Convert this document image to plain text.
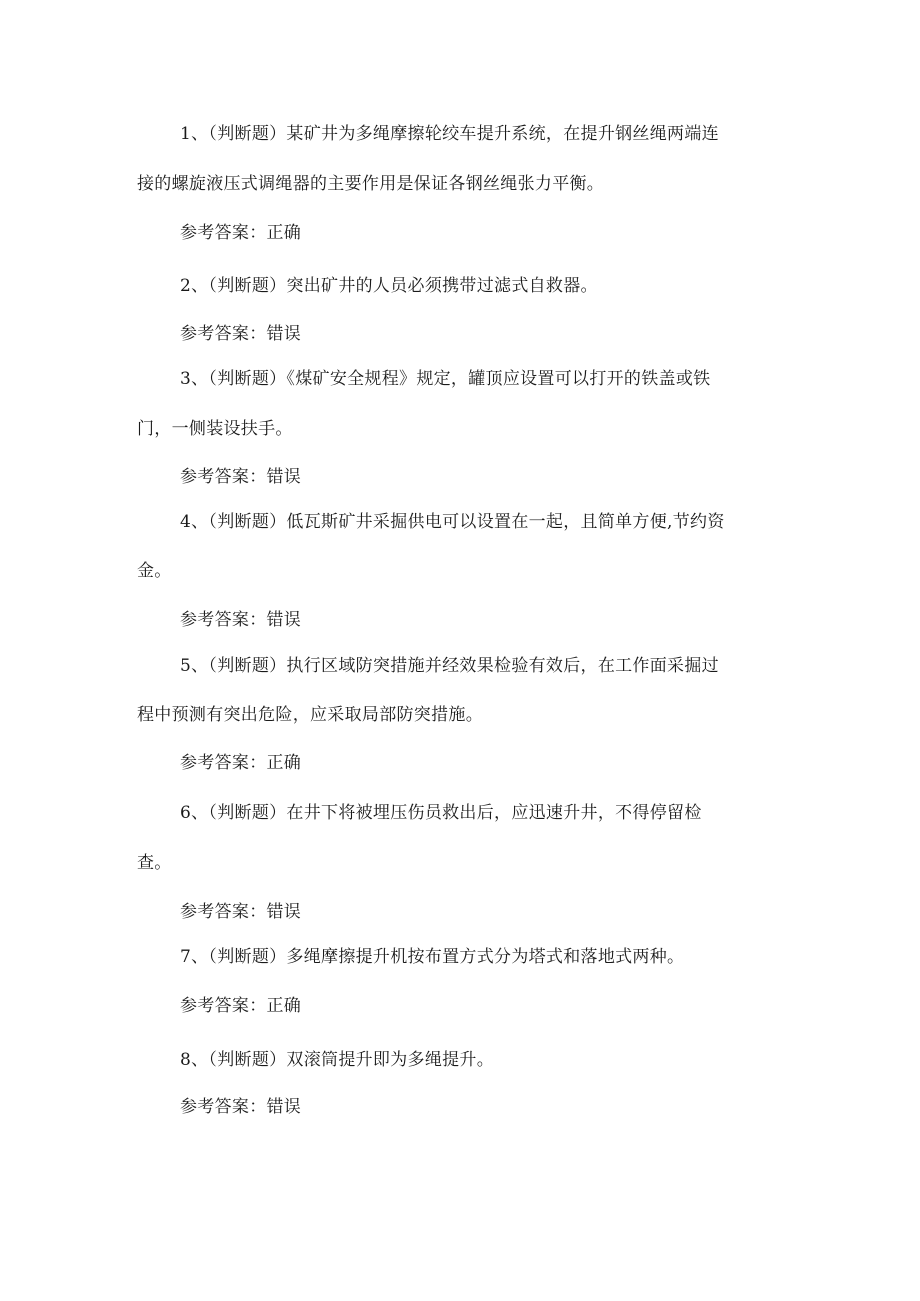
1、（判断题）某矿井为多绳摩擦轮绞车提升系统，在提升钢丝绳两端连
接的螺旋液压式调绳器的主要作用是保证各钢丝绳张力平衡。
参考答案：正确
2、（判断题）突出矿井的人员必须携带过滤式自救器。
参考答案：错误
3、（判断题）《煤矿安全规程》规定，罐顶应设置可以打开的铁盖或铁
门，一侧装设扶手。
参考答案：错误
4、（判断题）低瓦斯矿井采掘供电可以设置在一起，且简单方便,节约资
金。
参考答案：错误
5、（判断题）执行区域防突措施并经效果检验有效后，在工作面采掘过
程中预测有突出危险，应采取局部防突措施。
参考答案：正确
6、（判断题）在井下将被埋压伤员救出后，应迅速升井，不得停留检
查。
参考答案：错误
7、（判断题）多绳摩擦提升机按布置方式分为塔式和落地式两种。
参考答案：正确
8、（判断题）双滚筒提升即为多绳提升。
参考答案：错误
